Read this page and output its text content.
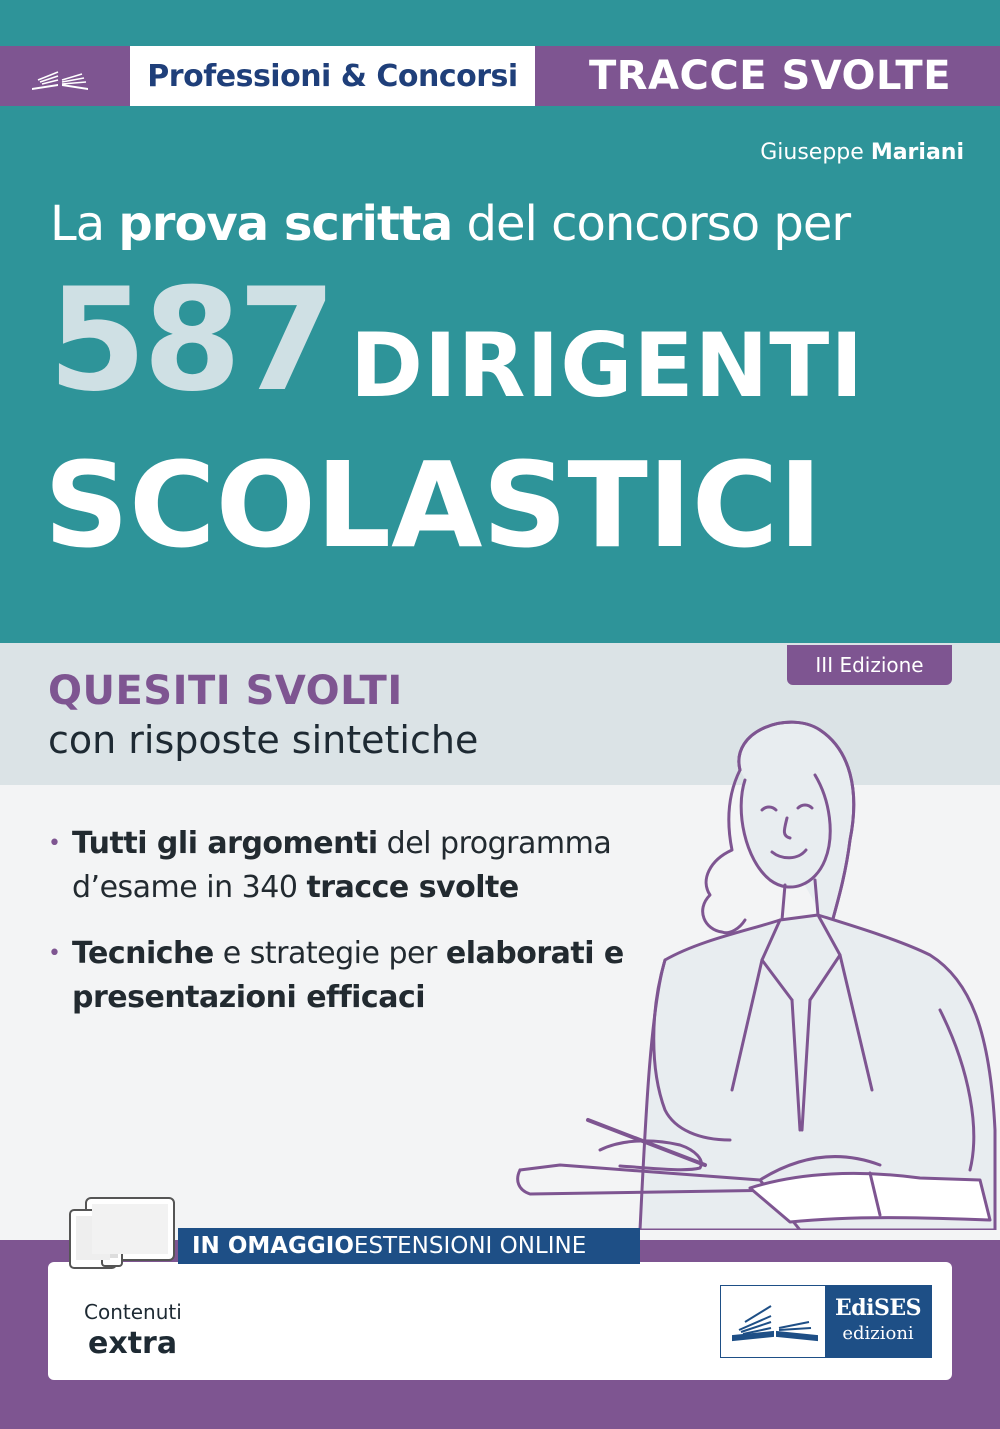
Professioni & Concorsi	TRACCE SVOLTE
Giuseppe Mariani
La prova scritta del concorso per
587 DIRIGENTI
SCOLASTICI
III Edizione
QUESITI SVOLTI
con risposte sintetiche
• Tutti gli argomenti del programma d’esame in 340 tracce svolte
• Tecniche e strategie per elaborati e presentazioni efficaci
IN OMAGGIO ESTENSIONI ONLINE
Contenuti
extra
EdiSES
edizioni
